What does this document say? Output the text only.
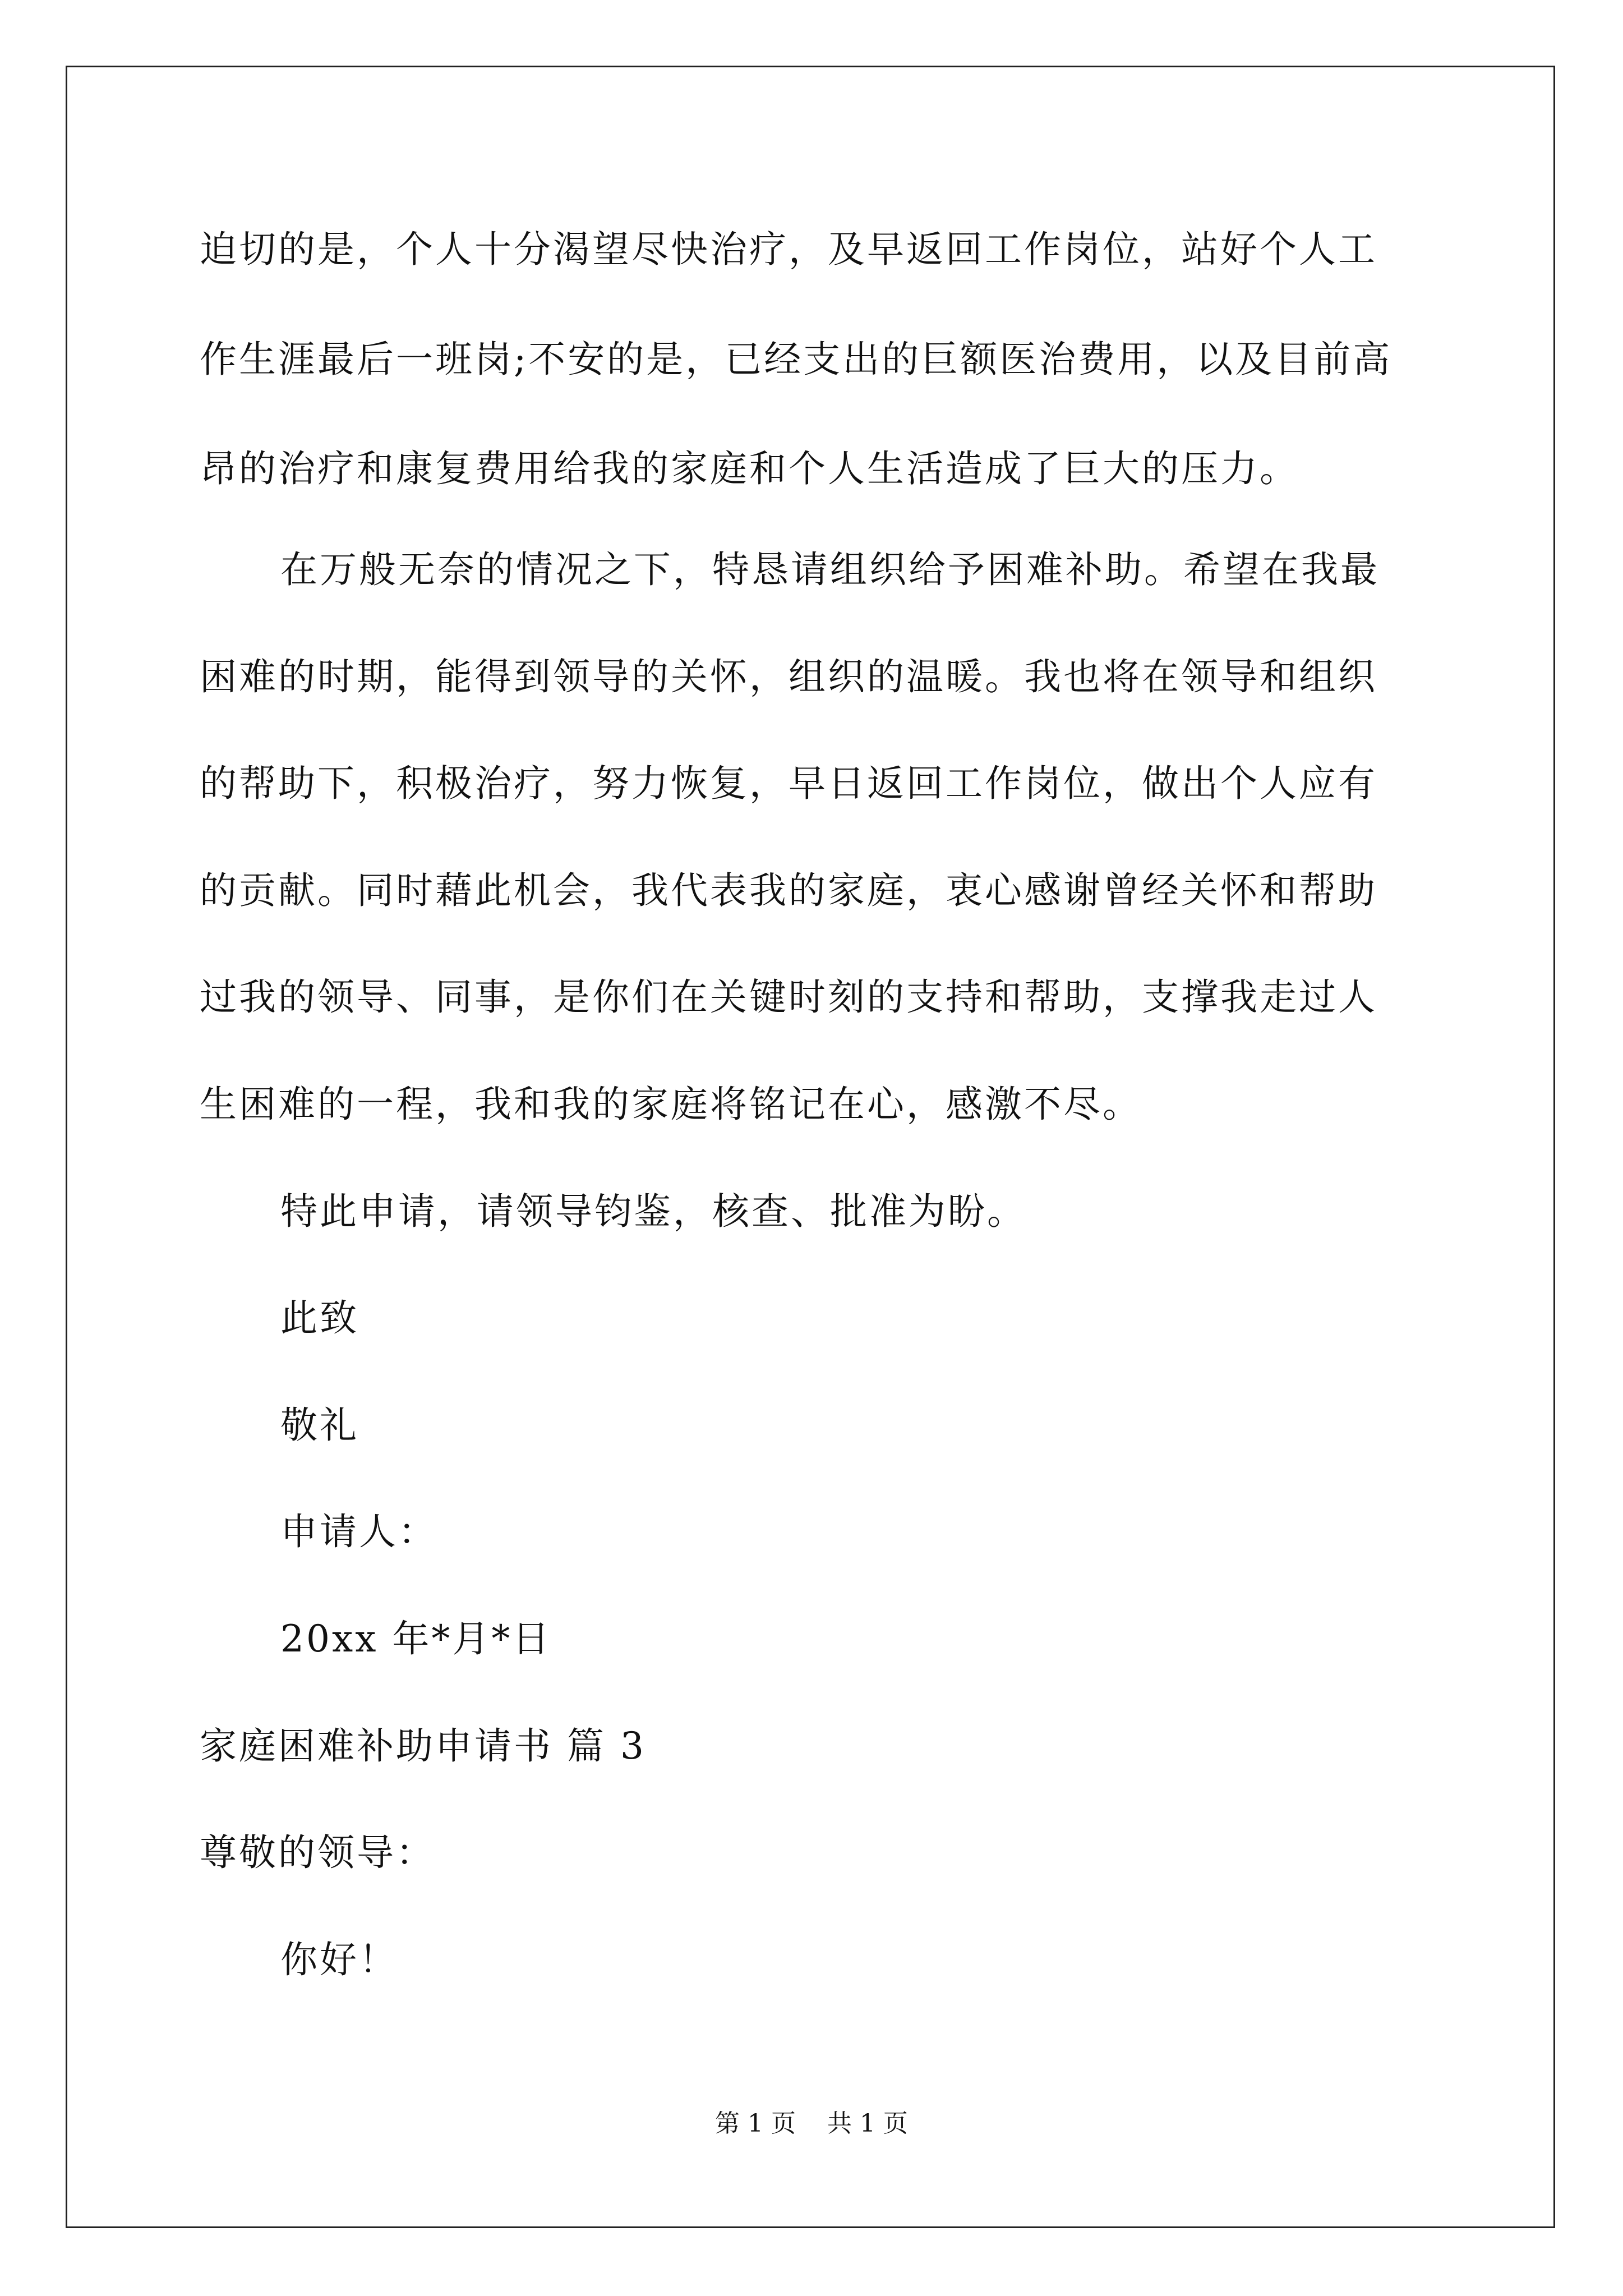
迫切的是，个人十分渴望尽快治疗，及早返回工作岗位，站好个人工
作生涯最后一班岗;不安的是，已经支出的巨额医治费用，以及目前高
昂的治疗和康复费用给我的家庭和个人生活造成了巨大的压力。
在万般无奈的情况之下，特恳请组织给予困难补助。希望在我最
困难的时期，能得到领导的关怀，组织的温暖。我也将在领导和组织
的帮助下，积极治疗，努力恢复，早日返回工作岗位，做出个人应有
的贡献。同时藉此机会，我代表我的家庭，衷心感谢曾经关怀和帮助
过我的领导、同事，是你们在关键时刻的支持和帮助，支撑我走过人
生困难的一程，我和我的家庭将铭记在心，感激不尽。
特此申请，请领导钧鉴，核查、批准为盼。
此致
敬礼
申请人：
20xx 年*月*日
家庭困难补助申请书 篇 3
尊敬的领导：
你好！
第 1 页    共 1 页
